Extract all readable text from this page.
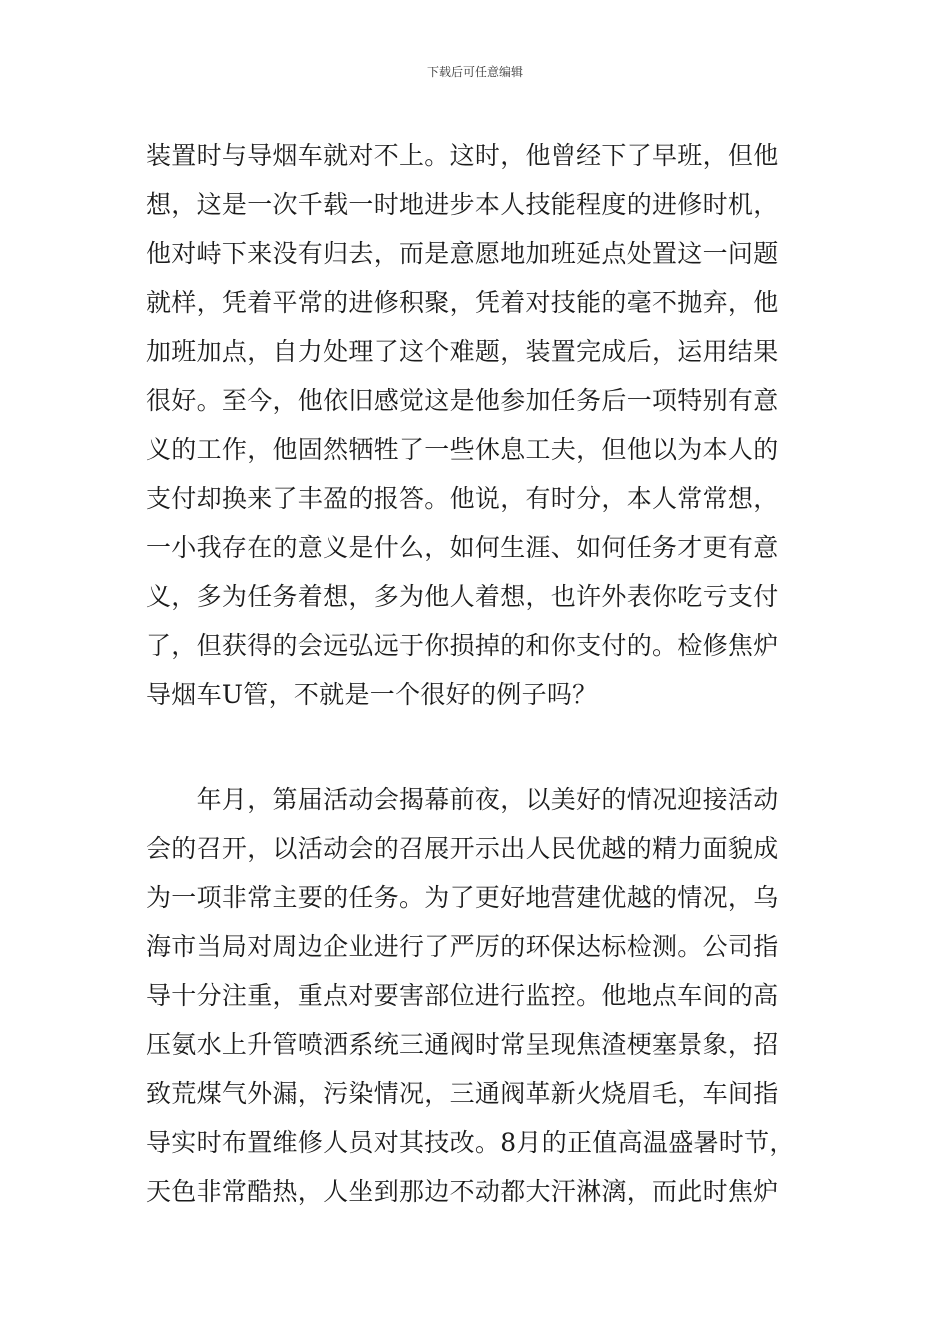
下载后可任意编辑
装置时与导烟车就对不上。这时，他曾经下了早班，但他
想，这是一次千载一时地进步本人技能程度的进修时机，
他对峙下来没有归去，而是意愿地加班延点处置这一问题
就样，凭着平常的进修积聚，凭着对技能的毫不抛弃，他
加班加点，自力处理了这个难题，装置完成后，运用结果
很好。至今，他依旧感觉这是他参加任务后一项特别有意
义的工作，他固然牺牲了一些休息工夫，但他以为本人的
支付却换来了丰盈的报答。他说，有时分，本人常常想，
一小我存在的意义是什么，如何生涯、如何任务才更有意
义，多为任务着想，多为他人着想，也许外表你吃亏支付
了，但获得的会远弘远于你损掉的和你支付的。检修焦炉
导烟车U管，不就是一个很好的例子吗？
　　年月，第届活动会揭幕前夜，以美好的情况迎接活动
会的召开，以活动会的召展开示出人民优越的精力面貌成
为一项非常主要的任务。为了更好地营建优越的情况，乌
海市当局对周边企业进行了严厉的环保达标检测。公司指
导十分注重，重点对要害部位进行监控。他地点车间的高
压氨水上升管喷洒系统三通阀时常呈现焦渣梗塞景象，招
致荒煤气外漏，污染情况，三通阀革新火烧眉毛，车间指
导实时布置维修人员对其技改。8月的正值高温盛暑时节，
天色非常酷热，人坐到那边不动都大汗淋漓，而此时焦炉
